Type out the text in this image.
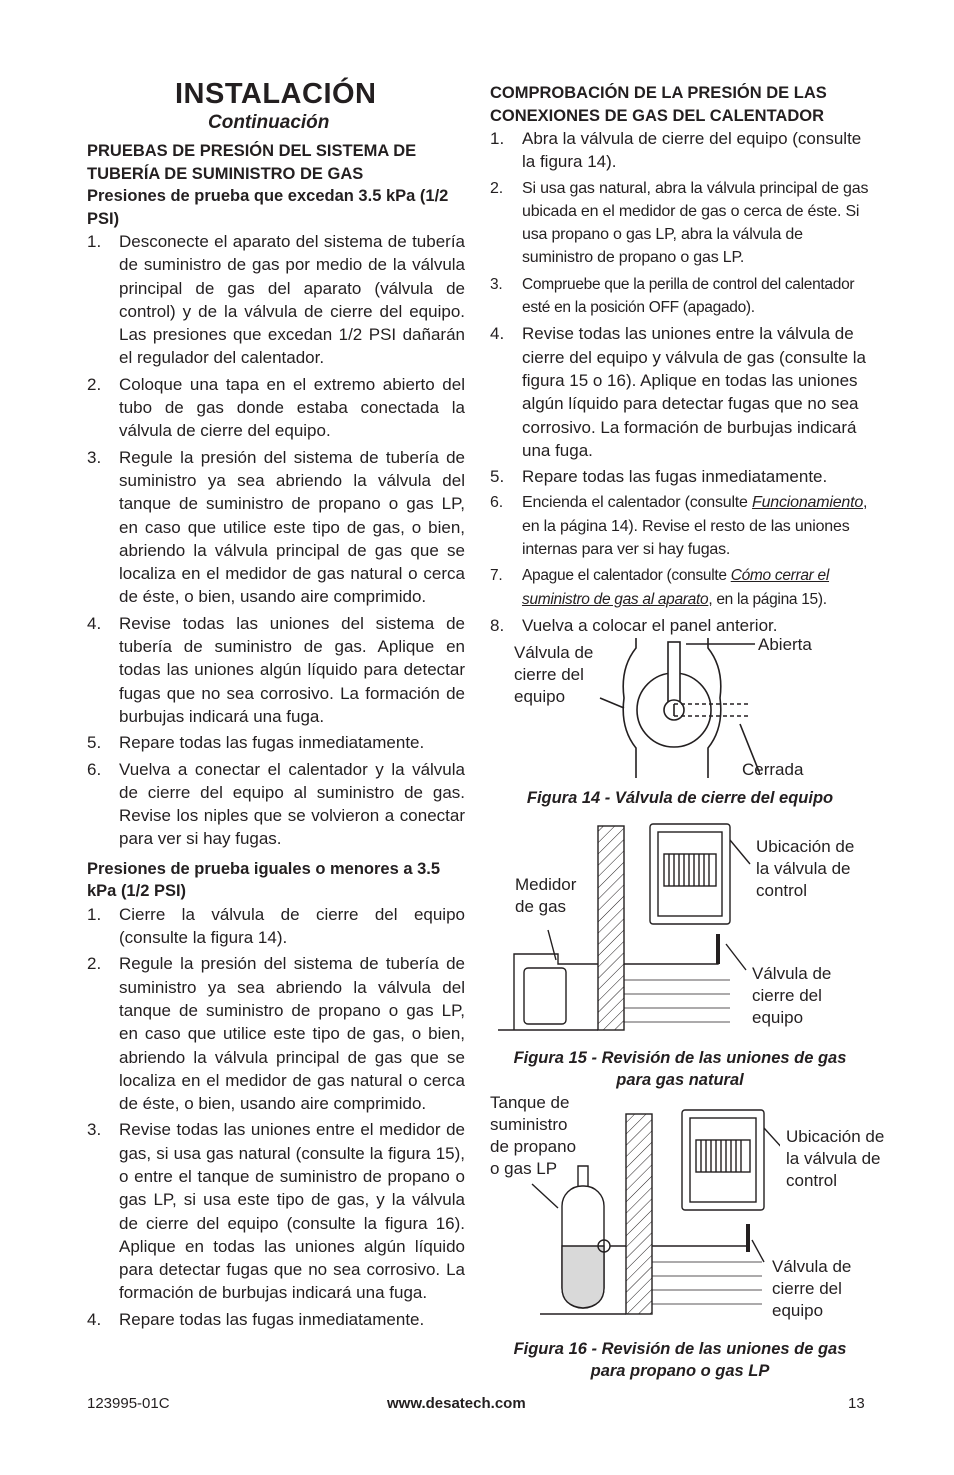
INSTALACIÓN
Continuación

PRUEBAS DE PRESIÓN DEL SISTEMA DE TUBERÍA DE SUMINISTRO DE GAS

Presiones de prueba que excedan 3.5 kPa (1/2 PSI)

1. Desconecte el aparato del sistema de tubería de suministro de gas por medio de la válvula principal de gas del aparato (válvula de control) y de la válvula de cierre del equipo. Las presiones que excedan 1/2 PSI dañarán el regulador del calentador.
2. Coloque una tapa en el extremo abierto del tubo de gas donde estaba conectada la válvula de cierre del equipo.
3. Regule la presión del sistema de tubería de suministro ya sea abriendo la válvula del tanque de suministro de propano o gas LP, en caso que utilice este tipo de gas, o bien, abriendo la válvula principal de gas que se localiza en el medidor de gas natural o cerca de éste, o bien, usando aire comprimido.
4. Revise todas las uniones del sistema de tubería de suministro de gas. Aplique en todas las uniones algún líquido para detectar fugas que no sea corrosivo. La formación de burbujas indicará una fuga.
5. Repare todas las fugas inmediatamente.
6. Vuelva a conectar el calentador y la válvula de cierre del equipo al suministro de gas. Revise los niples que se volvieron a conectar para ver si hay fugas.

Presiones de prueba iguales o menores a 3.5 kPa (1/2 PSI)

1. Cierre la válvula de cierre del equipo (consulte la figura 14).
2. Regule la presión del sistema de tubería de suministro ya sea abriendo la válvula del tanque de suministro de propano o gas LP, en caso que utilice este tipo de gas, o bien, abriendo la válvula principal de gas que se localiza en el medidor de gas natural o cerca de éste, o bien, usando aire comprimido.
3. Revise todas las uniones entre el medidor de gas, si usa gas natural (consulte la figura 15), o entre el tanque de suministro de propano o gas LP, si usa este tipo de gas, y la válvula de cierre del equipo (consulte la figura 16). Aplique en todas las uniones algún líquido para detectar fugas que no sea corrosivo. La formación de burbujas indicará una fuga.
4. Repare todas las fugas inmediatamente.

COMPROBACIÓN DE LA PRESIÓN DE LAS CONEXIONES DE GAS DEL CALENTADOR

1. Abra la válvula de cierre del equipo (consulte la figura 14).
2. Si usa gas natural, abra la válvula principal de gas ubicada en el medidor de gas o cerca de éste. Si usa propano o gas LP, abra la válvula de suministro de propano o gas LP.
3. Compruebe que la perilla de control del calentador esté en la posición OFF (apagado).
4. Revise todas las uniones entre la válvula de cierre del equipo y válvula de gas (consulte la figura 15 o 16). Aplique en todas las uniones algún líquido para detectar fugas que no sea corrosivo. La formación de burbujas indicará una fuga.
5. Repare todas las fugas inmediatamente.
6. Encienda el calentador (consulte Funcionamiento, en la página 14). Revise el resto de las uniones internas para ver si hay fugas.
7. Apague el calentador (consulte Cómo cerrar el suministro de gas al aparato, en la página 15).
8. Vuelva a colocar el panel anterior.
Válvula de cierre del equipo
Abierta
Cerrada
Figura 14 - Válvula de cierre del equipo
Medidor de gas
Ubicación de la válvula de control
Válvula de cierre del equipo
Figura 15 - Revisión de las uniones de gas para gas natural
Tanque de suministro de propano o gas LP
Ubicación de la válvula de control
Válvula de cierre del equipo
Figura 16 - Revisión de las uniones de gas para propano o gas LP
123995-01C	www.desatech.com	13
